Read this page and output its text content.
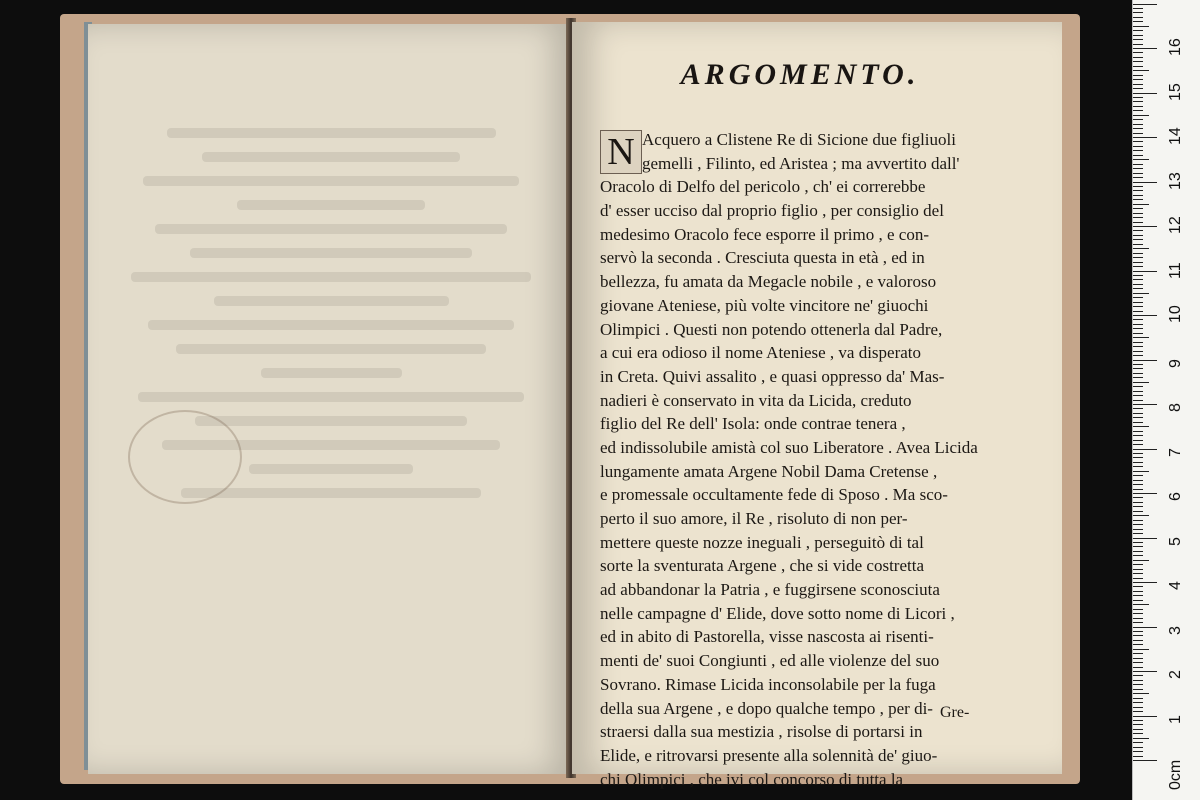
ARGOMENTO.
N Acquero a Clistene Re di Sicione due figliuoli
gemelli , Filinto, ed Aristea ; ma avvertito dall'
Oracolo di Delfo del pericolo , ch' ei correrebbe
d' esser ucciso dal proprio figlio , per consiglio del
medesimo Oracolo fece esporre il primo , e con-
servò la seconda . Cresciuta questa in età , ed in
bellezza, fu amata da Megacle nobile , e valoroso
giovane Ateniese, più volte vincitore ne' giuochi
Olimpici . Questi non potendo ottenerla dal Padre,
a cui era odioso il nome Ateniese , va disperato
in Creta. Quivi assalito , e quasi oppresso da' Mas-
nadieri è conservato in vita da Licida, creduto
figlio del Re dell' Isola: onde contrae tenera ,
ed indissolubile amistà col suo Liberatore . Avea Licida
lungamente amata Argene Nobil Dama Cretense ,
e promessale occultamente fede di Sposo . Ma sco-
perto il suo amore, il Re , risoluto di non per-
mettere queste nozze ineguali , perseguitò di tal
sorte la sventurata Argene , che si vide costretta
ad abbandonar la Patria , e fuggirsene sconosciuta
nelle campagne d' Elide, dove sotto nome di Licori ,
ed in abito di Pastorella, visse nascosta ai risenti-
menti de' suoi Congiunti , ed alle violenze del suo
Sovrano. Rimase Licida inconsolabile per la fuga
della sua Argene , e dopo qualche tempo , per di-
straersi dalla sua mestizia , risolse di portarsi in
Elide, e ritrovarsi presente alla solennità de' giuo-
chi Olimpici , che ivi col concorso di tutta la
Gre-
0cm
1
2
3
4
5
6
7
8
9
10
11
12
13
14
15
16
